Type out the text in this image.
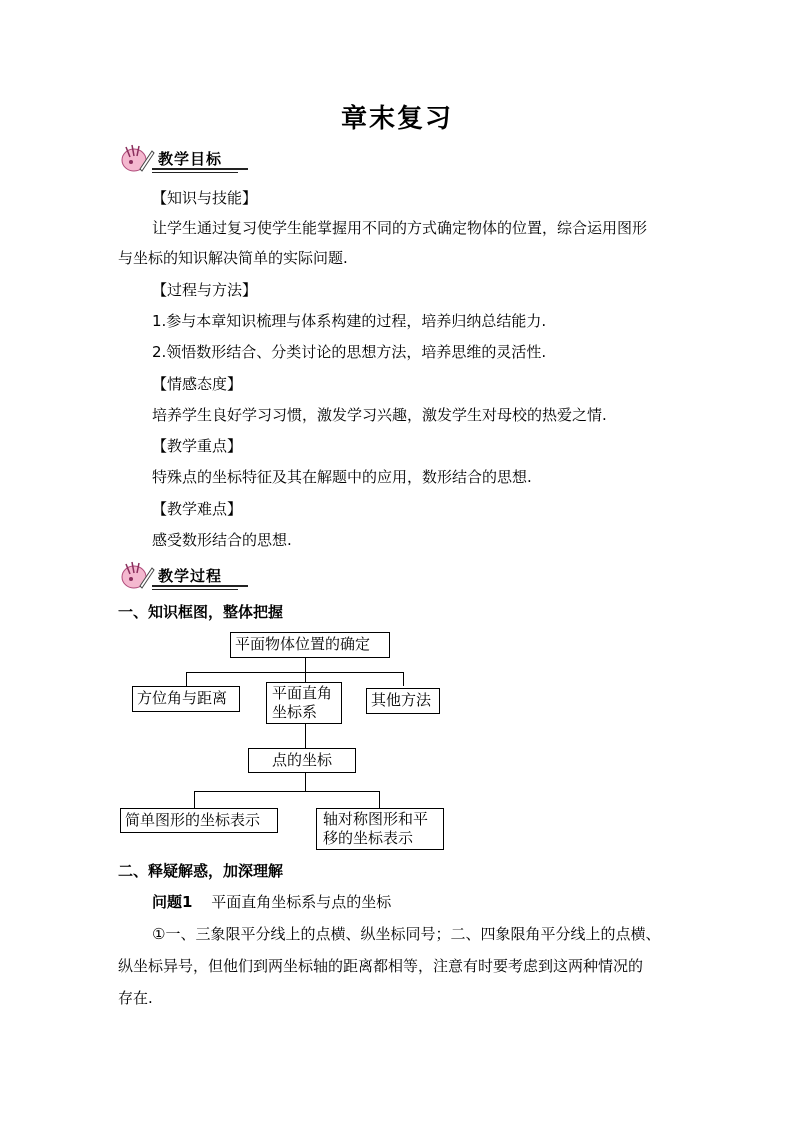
章末复习
教学目标
【知识与技能】
让学生通过复习使学生能掌握用不同的方式确定物体的位置，综合运用图形
与坐标的知识解决简单的实际问题.
【过程与方法】
1.参与本章知识梳理与体系构建的过程，培养归纳总结能力.
2.领悟数形结合、分类讨论的思想方法，培养思维的灵活性.
【情感态度】
培养学生良好学习习惯，激发学习兴趣，激发学生对母校的热爱之情.
【教学重点】
特殊点的坐标特征及其在解题中的应用，数形结合的思想.
【教学难点】
感受数形结合的思想.
教学过程
一、知识框图，整体把握
平面物体位置的确定
方位角与距离	平面直角
坐标系
其他方法
点的坐标
简单图形的坐标表示	轴对称图形和平
移的坐标表示
二、释疑解惑，加深理解
问题1 平面直角坐标系与点的坐标
①一、三象限平分线上的点横、纵坐标同号；二、四象限角平分线上的点横、
纵坐标异号，但他们到两坐标轴的距离都相等，注意有时要考虑到这两种情况的
存在.
